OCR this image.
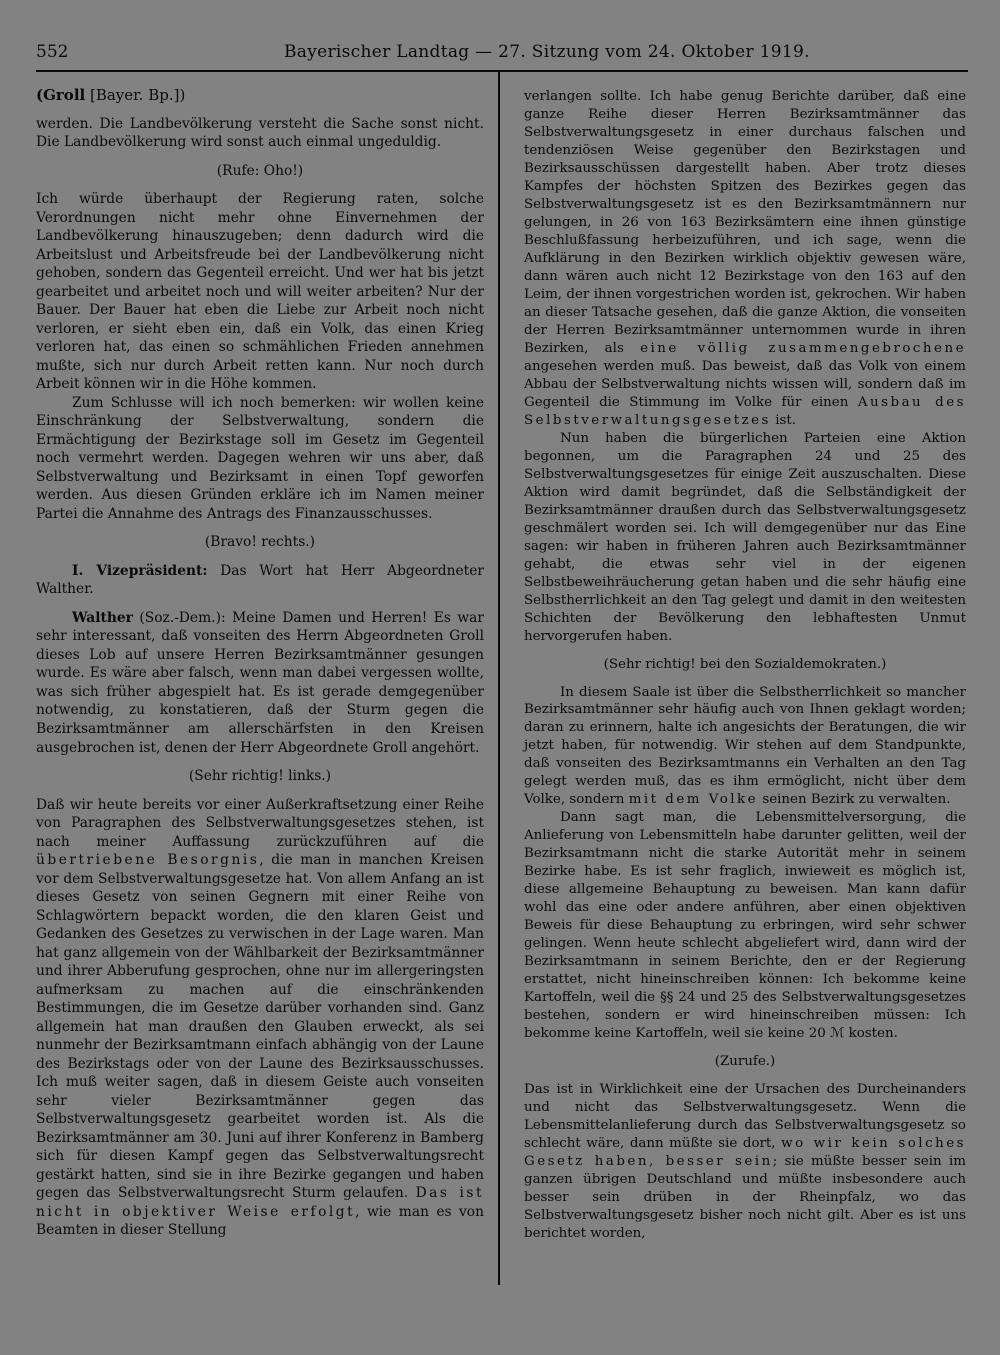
552	Bayerischer Landtag — 27. Sitzung vom 24. Oktober 1919.

(Groll [Bayer. Bp.])

werden. Die Landbevölkerung versteht die Sache sonst nicht. Die Landbevölkerung wird sonst auch einmal ungeduldig.

(Rufe: Oho!)

Ich würde überhaupt der Regierung raten, solche Verordnungen nicht mehr ohne Einvernehmen der Landbevölkerung hinauszugeben; denn dadurch wird die Arbeitslust und Arbeitsfreude bei der Landbevölkerung nicht gehoben, sondern das Gegenteil erreicht. Und wer hat bis jetzt gearbeitet und arbeitet noch und will weiter arbeiten? Nur der Bauer. Der Bauer hat eben die Liebe zur Arbeit noch nicht verloren, er sieht eben ein, daß ein Volk, das einen Krieg verloren hat, das einen so schmählichen Frieden annehmen mußte, sich nur durch Arbeit retten kann. Nur noch durch Arbeit können wir in die Höhe kommen.

Zum Schlusse will ich noch bemerken: wir wollen keine Einschränkung der Selbstverwaltung, sondern die Ermächtigung der Bezirkstage soll im Gesetz im Gegenteil noch vermehrt werden. Dagegen wehren wir uns aber, daß Selbstverwaltung und Bezirksamt in einen Topf geworfen werden. Aus diesen Gründen erkläre ich im Namen meiner Partei die Annahme des Antrags des Finanzausschusses.

(Bravo! rechts.)

I. Vizepräsident: Das Wort hat Herr Abgeordneter Walther.

Walther (Soz.-Dem.): Meine Damen und Herren! Es war sehr interessant, daß vonseiten des Herrn Abgeordneten Groll dieses Lob auf unsere Herren Bezirksamtmänner gesungen wurde. Es wäre aber falsch, wenn man dabei vergessen wollte, was sich früher abgespielt hat. Es ist gerade demgegenüber notwendig, zu konstatieren, daß der Sturm gegen die Bezirksamtmänner am allerschärfsten in den Kreisen ausgebrochen ist, denen der Herr Abgeordnete Groll angehört.

(Sehr richtig! links.)

Daß wir heute bereits vor einer Außerkraftsetzung einer Reihe von Paragraphen des Selbstverwaltungsgesetzes stehen, ist nach meiner Auffassung zurückzuführen auf die übertriebene Besorgnis, die man in manchen Kreisen vor dem Selbstverwaltungsgesetze hat. Von allem Anfang an ist dieses Gesetz von seinen Gegnern mit einer Reihe von Schlagwörtern bepackt worden, die den klaren Geist und Gedanken des Gesetzes zu verwischen in der Lage waren. Man hat ganz allgemein von der Wählbarkeit der Bezirksamtmänner und ihrer Abberufung gesprochen, ohne nur im allergeringsten aufmerksam zu machen auf die einschränkenden Bestimmungen, die im Gesetze darüber vorhanden sind. Ganz allgemein hat man draußen den Glauben erweckt, als sei nunmehr der Bezirksamtmann einfach abhängig von der Laune des Bezirkstags oder von der Laune des Bezirksausschusses. Ich muß weiter sagen, daß in diesem Geiste auch vonseiten sehr vieler Bezirksamtmänner gegen das Selbstverwaltungsgesetz gearbeitet worden ist. Als die Bezirksamtmänner am 30. Juni auf ihrer Konferenz in Bamberg sich für diesen Kampf gegen das Selbstverwaltungsrecht gestärkt hatten, sind sie in ihre Bezirke gegangen und haben gegen das Selbstverwaltungsrecht Sturm gelaufen. Das ist nicht in objektiver Weise erfolgt, wie man es von Beamten in dieser Stellung

verlangen sollte. Ich habe genug Berichte darüber, daß eine ganze Reihe dieser Herren Bezirksamtmänner das Selbstverwaltungsgesetz in einer durchaus falschen und tendenziösen Weise gegenüber den Bezirkstagen und Bezirksausschüssen dargestellt haben. Aber trotz dieses Kampfes der höchsten Spitzen des Bezirkes gegen das Selbstverwaltungsgesetz ist es den Bezirksamtmännern nur gelungen, in 26 von 163 Bezirksämtern eine ihnen günstige Beschlußfassung herbeizuführen, und ich sage, wenn die Aufklärung in den Bezirken wirklich objektiv gewesen wäre, dann wären auch nicht 12 Bezirkstage von den 163 auf den Leim, der ihnen vorgestrichen worden ist, gekrochen. Wir haben an dieser Tatsache gesehen, daß die ganze Aktion, die vonseiten der Herren Bezirksamtmänner unternommen wurde in ihren Bezirken, als eine völlig zusammengebrochene angesehen werden muß. Das beweist, daß das Volk von einem Abbau der Selbstverwaltung nichts wissen will, sondern daß im Gegenteil die Stimmung im Volke für einen Ausbau des Selbstverwaltungsgesetzes ist.

Nun haben die bürgerlichen Parteien eine Aktion begonnen, um die Paragraphen 24 und 25 des Selbstverwaltungsgesetzes für einige Zeit auszuschalten. Diese Aktion wird damit begründet, daß die Selbständigkeit der Bezirksamtmänner draußen durch das Selbstverwaltungsgesetz geschmälert worden sei. Ich will demgegenüber nur das Eine sagen: wir haben in früheren Jahren auch Bezirksamtmänner gehabt, die etwas sehr viel in der eigenen Selbstbeweihräucherung getan haben und die sehr häufig eine Selbstherrlichkeit an den Tag gelegt und damit in den weitesten Schichten der Bevölkerung den lebhaftesten Unmut hervorgerufen haben.

(Sehr richtig! bei den Sozialdemokraten.)

In diesem Saale ist über die Selbstherrlichkeit so mancher Bezirksamtmänner sehr häufig auch von Ihnen geklagt worden; daran zu erinnern, halte ich angesichts der Beratungen, die wir jetzt haben, für notwendig. Wir stehen auf dem Standpunkte, daß vonseiten des Bezirksamtmanns ein Verhalten an den Tag gelegt werden muß, das es ihm ermöglicht, nicht über dem Volke, sondern mit dem Volke seinen Bezirk zu verwalten.

Dann sagt man, die Lebensmittelversorgung, die Anlieferung von Lebensmitteln habe darunter gelitten, weil der Bezirksamtmann nicht die starke Autorität mehr in seinem Bezirke habe. Es ist sehr fraglich, inwieweit es möglich ist, diese allgemeine Behauptung zu beweisen. Man kann dafür wohl das eine oder andere anführen, aber einen objektiven Beweis für diese Behauptung zu erbringen, wird sehr schwer gelingen. Wenn heute schlecht abgeliefert wird, dann wird der Bezirksamtmann in seinem Berichte, den er der Regierung erstattet, nicht hineinschreiben können: Ich bekomme keine Kartoffeln, weil die §§ 24 und 25 des Selbstverwaltungsgesetzes bestehen, sondern er wird hineinschreiben müssen: Ich bekomme keine Kartoffeln, weil sie keine 20 ℳ kosten.

(Zurufe.)

Das ist in Wirklichkeit eine der Ursachen des Durcheinanders und nicht das Selbstverwaltungsgesetz. Wenn die Lebensmittelanlieferung durch das Selbstverwaltungsgesetz so schlecht wäre, dann müßte sie dort, wo wir kein solches Gesetz haben, besser sein; sie müßte besser sein im ganzen übrigen Deutschland und müßte insbesondere auch besser sein drüben in der Rheinpfalz, wo das Selbstverwaltungsgesetz bisher noch nicht gilt. Aber es ist uns berichtet worden,
